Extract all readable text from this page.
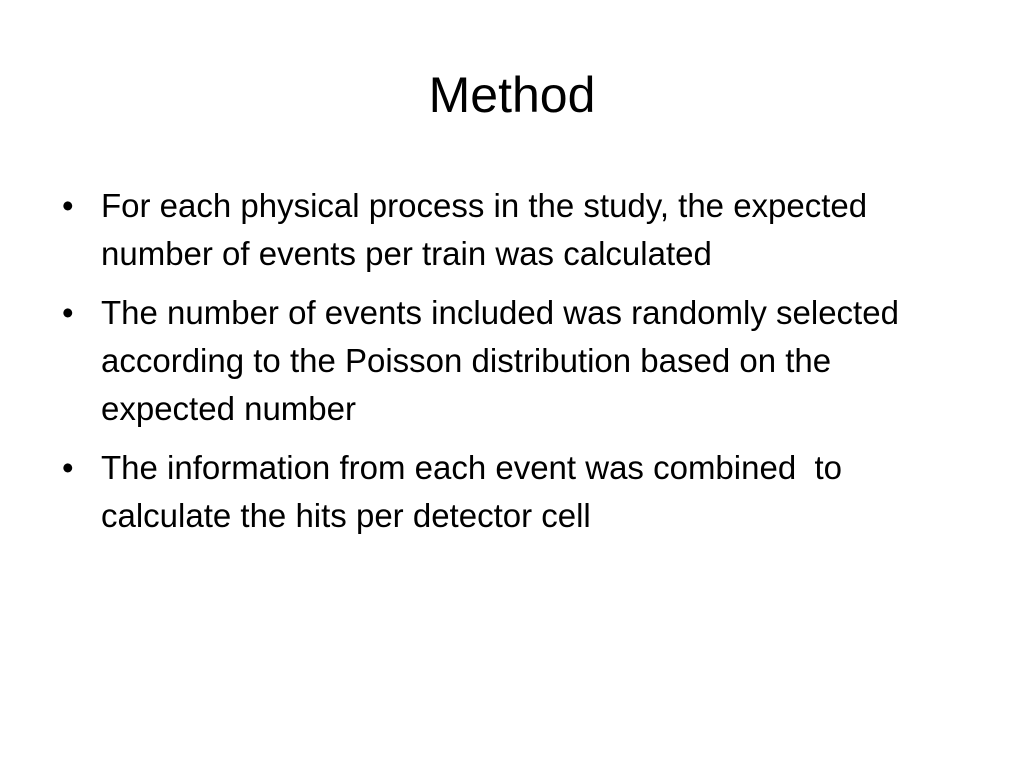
Method
• For each physical process in the study, the expected number of events per train was calculated
• The number of events included was randomly selected according to the Poisson distribution based on the expected number
• The information from each event was combined  to calculate the hits per detector cell
